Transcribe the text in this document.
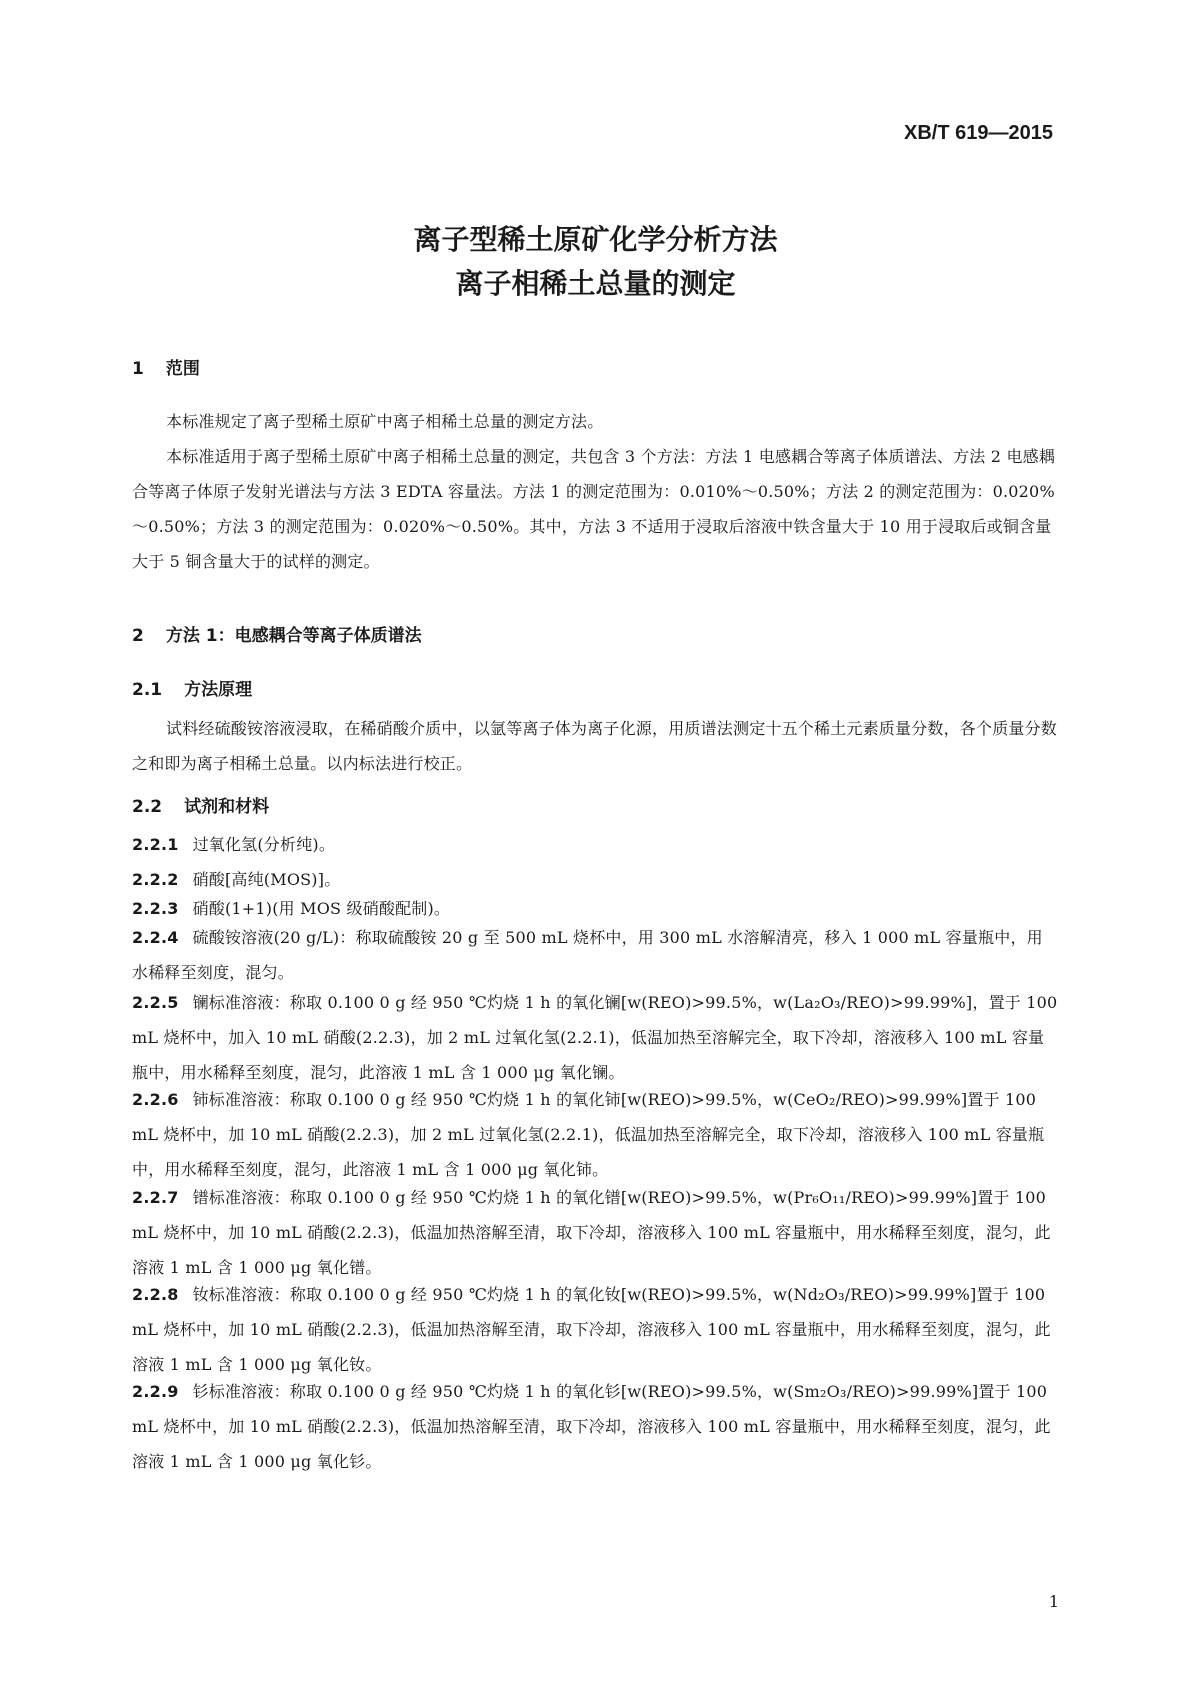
XB/T 619—2015
离子型稀土原矿化学分析方法
离子相稀土总量的测定
1 范围
本标准规定了离子型稀土原矿中离子相稀土总量的测定方法。
本标准适用于离子型稀土原矿中离子相稀土总量的测定，共包含 3 个方法：方法 1 电感耦合等离子体质谱法、方法 2 电感耦合等离子体原子发射光谱法与方法 3 EDTA 容量法。方法 1 的测定范围为：0.010%～0.50%；方法 2 的测定范围为：0.020%～0.50%；方法 3 的测定范围为：0.020%～0.50%。其中，方法 3 不适用于浸取后溶液中铁含量大于 10 用于浸取后或铜含量大于 5 铜含量大于的试样的测定。
2 方法 1：电感耦合等离子体质谱法
2.1 方法原理
试料经硫酸铵溶液浸取，在稀硝酸介质中，以氩等离子体为离子化源，用质谱法测定十五个稀土元素质量分数，各个质量分数之和即为离子相稀土总量。以内标法进行校正。
2.2 试剂和材料
2.2.1 过氧化氢(分析纯)。
2.2.2 硝酸[高纯(MOS)]。
2.2.3 硝酸(1+1)(用 MOS 级硝酸配制)。
2.2.4 硫酸铵溶液(20 g/L)：称取硫酸铵 20 g 至 500 mL 烧杯中，用 300 mL 水溶解清亮，移入 1 000 mL 容量瓶中，用水稀释至刻度，混匀。
2.2.5 镧标准溶液：称取 0.100 0 g 经 950 ℃灼烧 1 h 的氧化镧[w(REO)>99.5%，w(La₂O₃/REO)>99.99%]，置于 100 mL 烧杯中，加入 10 mL 硝酸(2.2.3)，加 2 mL 过氧化氢(2.2.1)，低温加热至溶解完全，取下冷却，溶液移入 100 mL 容量瓶中，用水稀释至刻度，混匀，此溶液 1 mL 含 1 000 μg 氧化镧。
2.2.6 铈标准溶液：称取 0.100 0 g 经 950 ℃灼烧 1 h 的氧化铈[w(REO)>99.5%，w(CeO₂/REO)>99.99%]置于 100 mL 烧杯中，加 10 mL 硝酸(2.2.3)，加 2 mL 过氧化氢(2.2.1)，低温加热至溶解完全，取下冷却，溶液移入 100 mL 容量瓶中，用水稀释至刻度，混匀，此溶液 1 mL 含 1 000 μg 氧化铈。
2.2.7 镨标准溶液：称取 0.100 0 g 经 950 ℃灼烧 1 h 的氧化镨[w(REO)>99.5%，w(Pr₆O₁₁/REO)>99.99%]置于 100 mL 烧杯中，加 10 mL 硝酸(2.2.3)，低温加热溶解至清，取下冷却，溶液移入 100 mL 容量瓶中，用水稀释至刻度，混匀，此溶液 1 mL 含 1 000 μg 氧化镨。
2.2.8 钕标准溶液：称取 0.100 0 g 经 950 ℃灼烧 1 h 的氧化钕[w(REO)>99.5%，w(Nd₂O₃/REO)>99.99%]置于 100 mL 烧杯中，加 10 mL 硝酸(2.2.3)，低温加热溶解至清，取下冷却，溶液移入 100 mL 容量瓶中，用水稀释至刻度，混匀，此溶液 1 mL 含 1 000 μg 氧化钕。
2.2.9 钐标准溶液：称取 0.100 0 g 经 950 ℃灼烧 1 h 的氧化钐[w(REO)>99.5%，w(Sm₂O₃/REO)>99.99%]置于 100 mL 烧杯中，加 10 mL 硝酸(2.2.3)，低温加热溶解至清，取下冷却，溶液移入 100 mL 容量瓶中，用水稀释至刻度，混匀，此溶液 1 mL 含 1 000 μg 氧化钐。
1
